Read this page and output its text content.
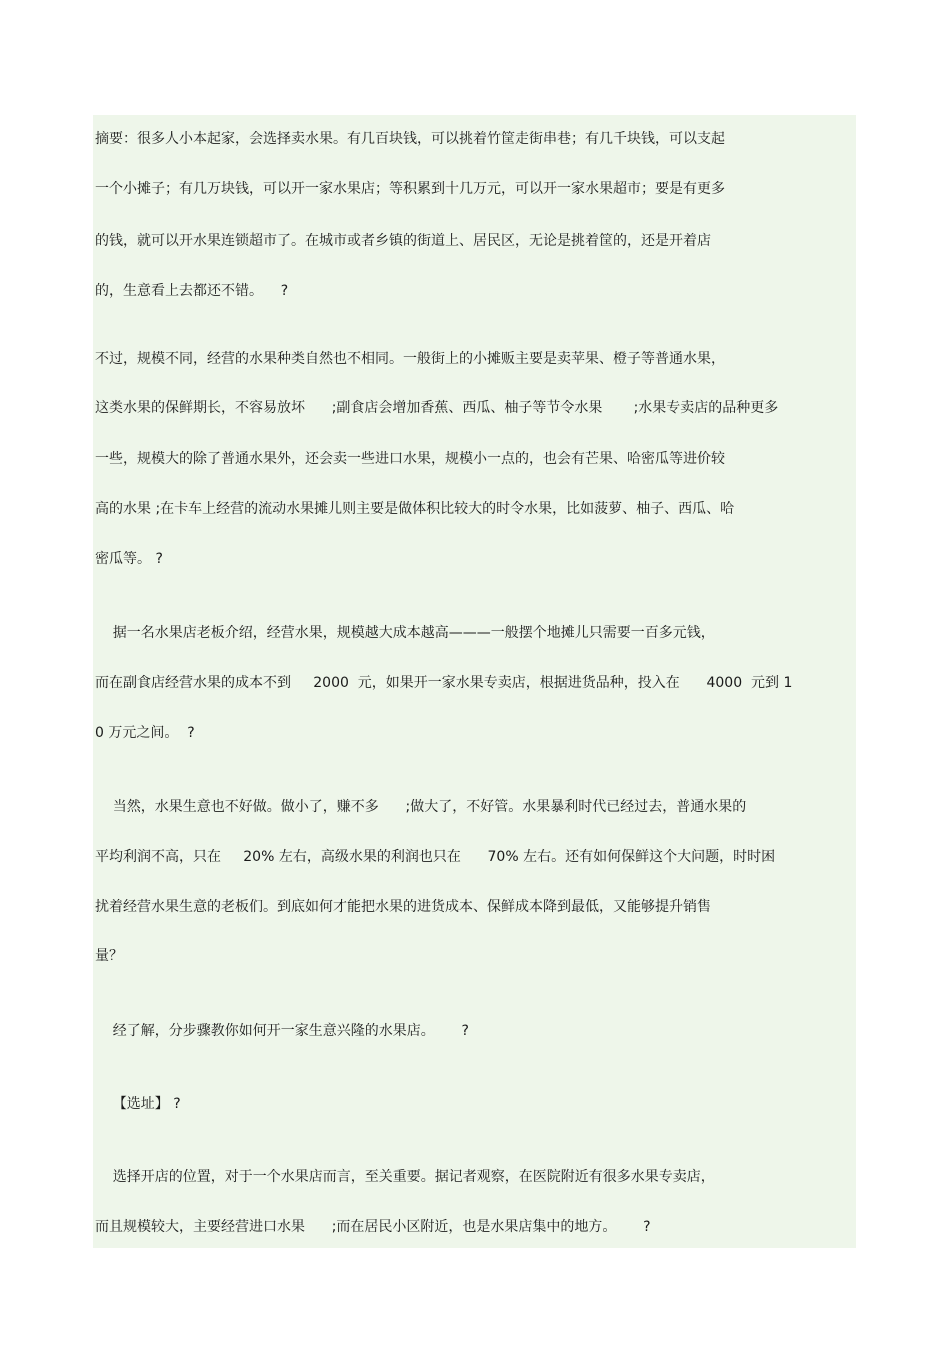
摘要：很多人小本起家，会选择卖水果。有几百块钱，可以挑着竹筐走街串巷；有几千块钱，可以支起
一个小摊子；有几万块钱，可以开一家水果店；等积累到十几万元，可以开一家水果超市；要是有更多
的钱，就可以开水果连锁超市了。在城市或者乡镇的街道上、居民区，无论是挑着筐的，还是开着店
的，生意看上去都还不错。    ?
不过，规模不同，经营的水果种类自然也不相同。一般街上的小摊贩主要是卖苹果、橙子等普通水果，
这类水果的保鲜期长，不容易放坏      ;副食店会增加香蕉、西瓜、柚子等节令水果       ;水果专卖店的品种更多
一些，规模大的除了普通水果外，还会卖一些进口水果，规模小一点的，也会有芒果、哈密瓜等进价较
高的水果 ;在卡车上经营的流动水果摊儿则主要是做体积比较大的时令水果，比如菠萝、柚子、西瓜、哈
密瓜等。 ?
据一名水果店老板介绍，经营水果，规模越大成本越高———一般摆个地摊儿只需要一百多元钱，
而在副食店经营水果的成本不到     2000  元，如果开一家水果专卖店，根据进货品种，投入在      4000  元到 1
0 万元之间。  ?
当然，水果生意也不好做。做小了，赚不多      ;做大了，不好管。水果暴利时代已经过去，普通水果的
平均利润不高，只在     20% 左右，高级水果的利润也只在      70% 左右。还有如何保鲜这个大问题，时时困
扰着经营水果生意的老板们。到底如何才能把水果的进货成本、保鲜成本降到最低，又能够提升销售
量？
经了解，分步骤教你如何开一家生意兴隆的水果店。      ?
【选址】 ?
选择开店的位置，对于一个水果店而言，至关重要。据记者观察，在医院附近有很多水果专卖店，
而且规模较大，主要经营进口水果      ;而在居民小区附近，也是水果店集中的地方。      ?
